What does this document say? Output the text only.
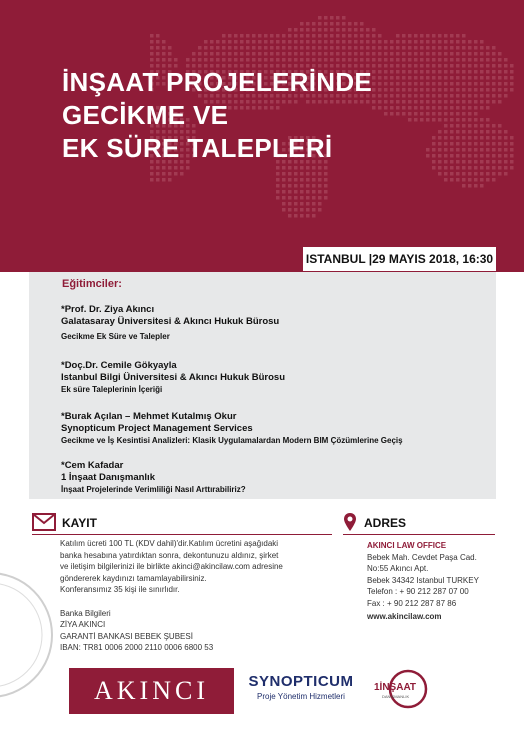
İNŞAAT PROJELERİNDE
GECİKME VE
EK SÜRE TALEPLERİ
ISTANBUL |29 MAYIS 2018, 16:30
Eğitimciler:
*Prof. Dr. Ziya Akıncı
Galatasaray Üniversitesi & Akıncı Hukuk Bürosu
Gecikme Ek Süre ve Talepler
*Doç.Dr. Cemile Gökyayla
Istanbul Bilgi Üniversitesi & Akıncı Hukuk Bürosu
Ek süre Taleplerinin İçeriği
*Burak Açılan – Mehmet Kutalmış Okur
Synopticum Project Management Services
Gecikme ve İş Kesintisi Analizleri: Klasik Uygulamalardan Modern BIM Çözümlerine Geçiş
*Cem Kafadar
1 İnşaat Danışmanlık
İnşaat Projelerinde Verimliliği Nasıl Arttırabiliriz?
KAYIT
Katılım ücreti 100 TL (KDV dahil)'dir.Katılım ücretini aşağıdaki
banka hesabına yatırdıktan sonra, dekontunuzu aldınız, şirket
ve iletişim bilgilerinizi ile birlikte akinci@akincilaw.com adresine
göndererek kaydınızı tamamlayabilirsiniz.
Konferansımız 35 kişi ile sınırlıdır.
Banka Bilgileri
ZİYA AKINCI
GARANTİ BANKASI BEBEK ŞUBESİ
IBAN: TR81 0006 2000 2110 0006 6800 53
ADRES
AKINCI LAW OFFICE
Bebek Mah. Cevdet Paşa Cad.
No:55 Akıncı Apt.
Bebek 34342 Istanbul TURKEY
Telefon : + 90 212 287 07 00
Fax : + 90 212 287 87 86
www.akincilaw.com
AKINCI	SYNOPTICUM
Proje Yönetim Hizmetleri
1İNŞAAT
DANIŞMANLIK
